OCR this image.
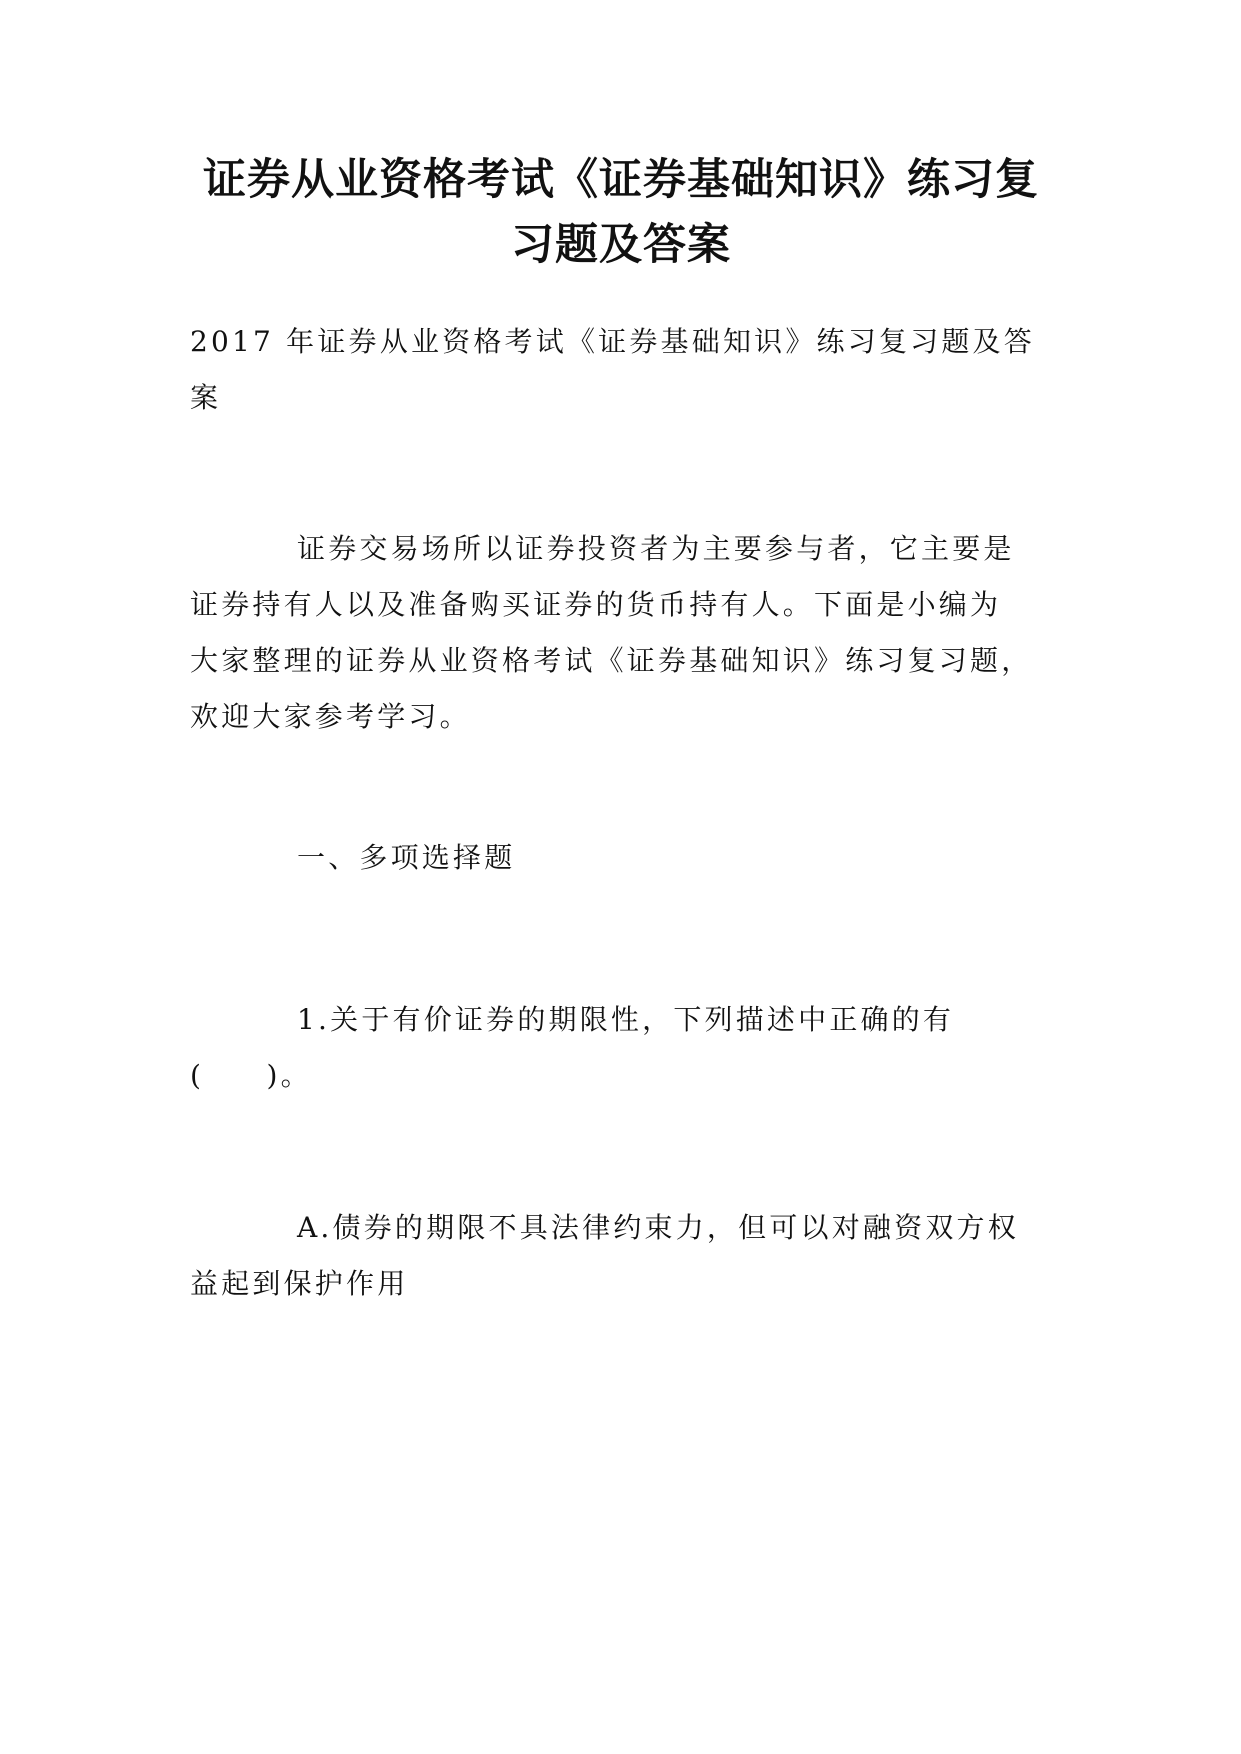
证券从业资格考试《证券基础知识》练习复
习题及答案

2017 年证券从业资格考试《证券基础知识》练习复习题及答
案

证券交易场所以证券投资者为主要参与者，它主要是
证券持有人以及准备购买证券的货币持有人。下面是小编为
大家整理的证券从业资格考试《证券基础知识》练习复习题，
欢迎大家参考学习。

一、多项选择题

1.关于有价证券的期限性，下列描述中正确的有
(　　)。

A.债券的期限不具法律约束力，但可以对融资双方权
益起到保护作用
